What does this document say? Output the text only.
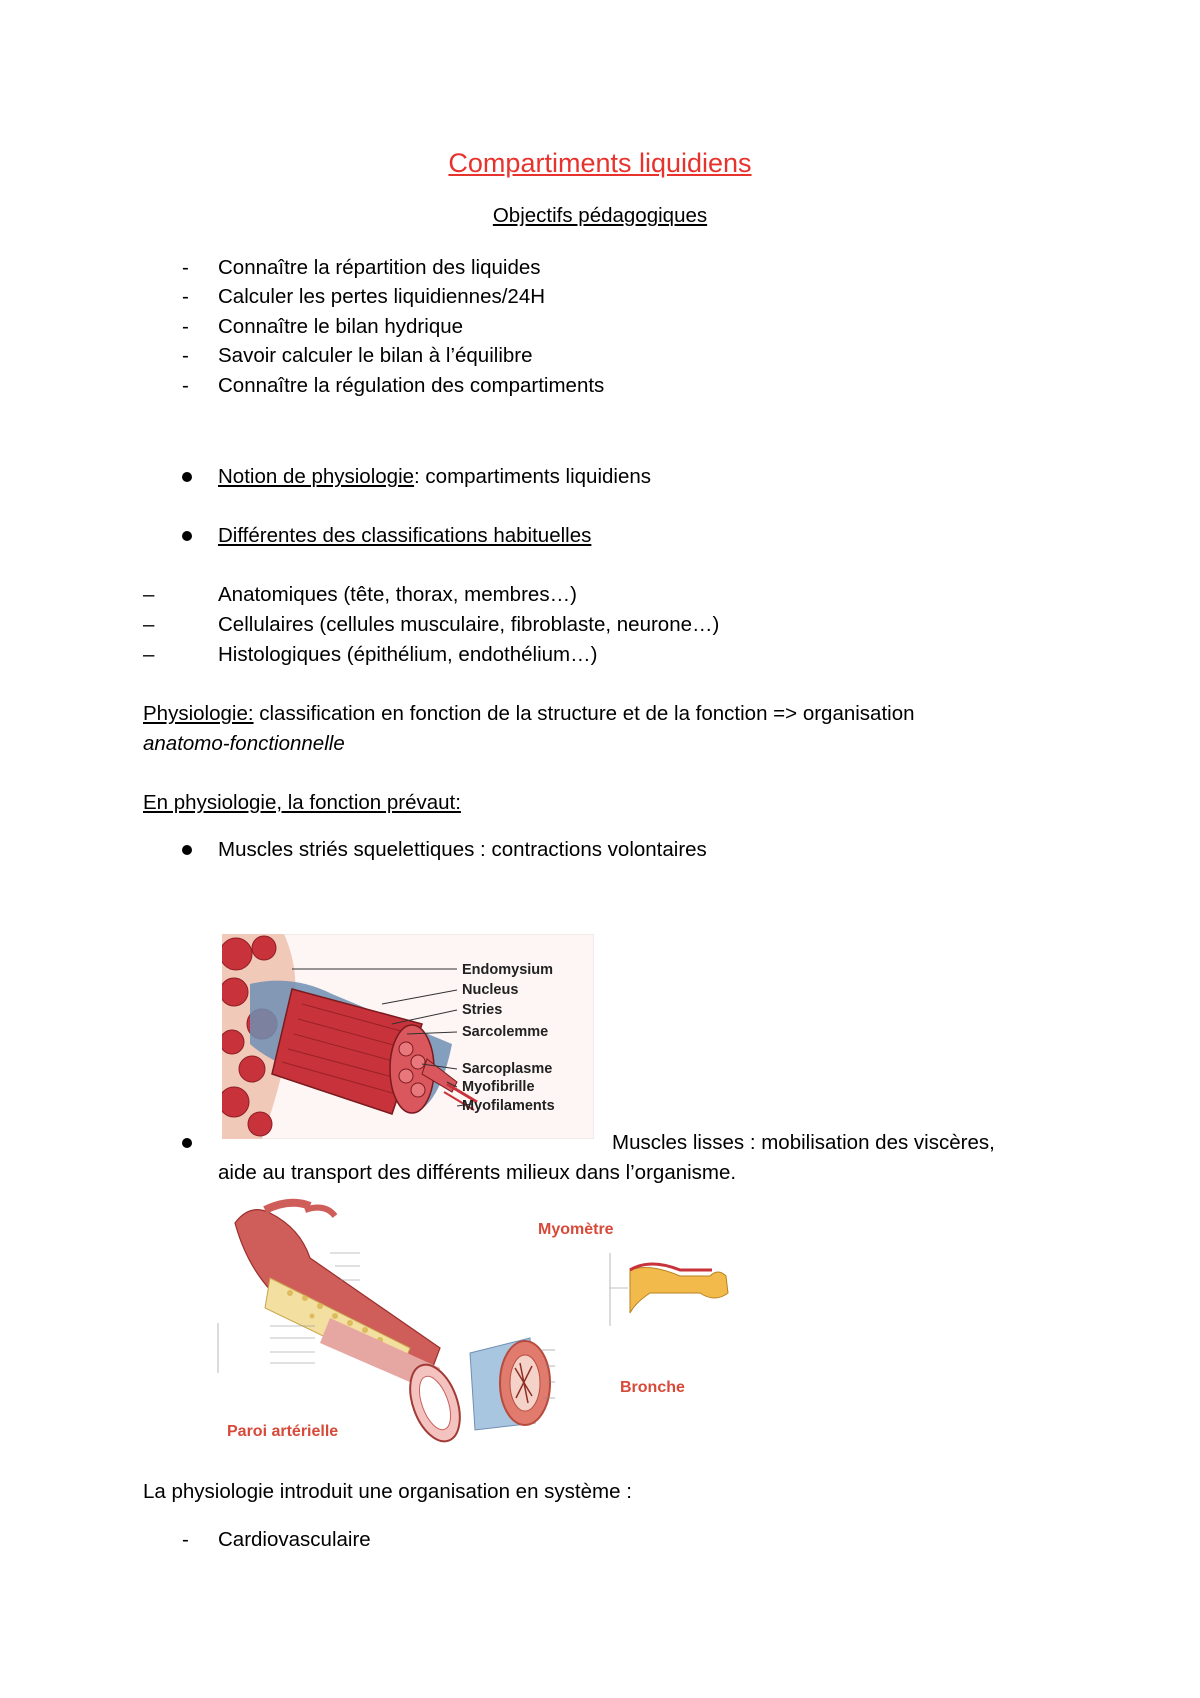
Compartiments liquidiens
Objectifs pédagogiques
- Connaître la répartition des liquides
- Calculer les pertes liquidiennes/24H
- Connaître le bilan hydrique
- Savoir calculer le bilan à l’équilibre
- Connaître la régulation des compartiments
Notion de physiologie: compartiments liquidiens
Différentes des classifications habituelles
–	Anatomiques (tête, thorax, membres…)
–	Cellulaires (cellules musculaire, fibroblaste, neurone…)
–	Histologiques (épithélium, endothélium…)
Physiologie: classification en fonction de la structure et de la fonction => organisation
anatomo-fonctionnelle
En physiologie, la fonction prévaut:
Muscles striés squelettiques : contractions volontaires
Endomysium
Nucleus
Stries
Sarcolemme
Sarcoplasme
Myofibrille
Myofilaments
Muscles lisses : mobilisation des viscères,
aide au transport des différents milieux dans l’organisme.
Paroi artérielle
Myomètre
Bronche
La physiologie introduit une organisation en système :
- Cardiovasculaire
